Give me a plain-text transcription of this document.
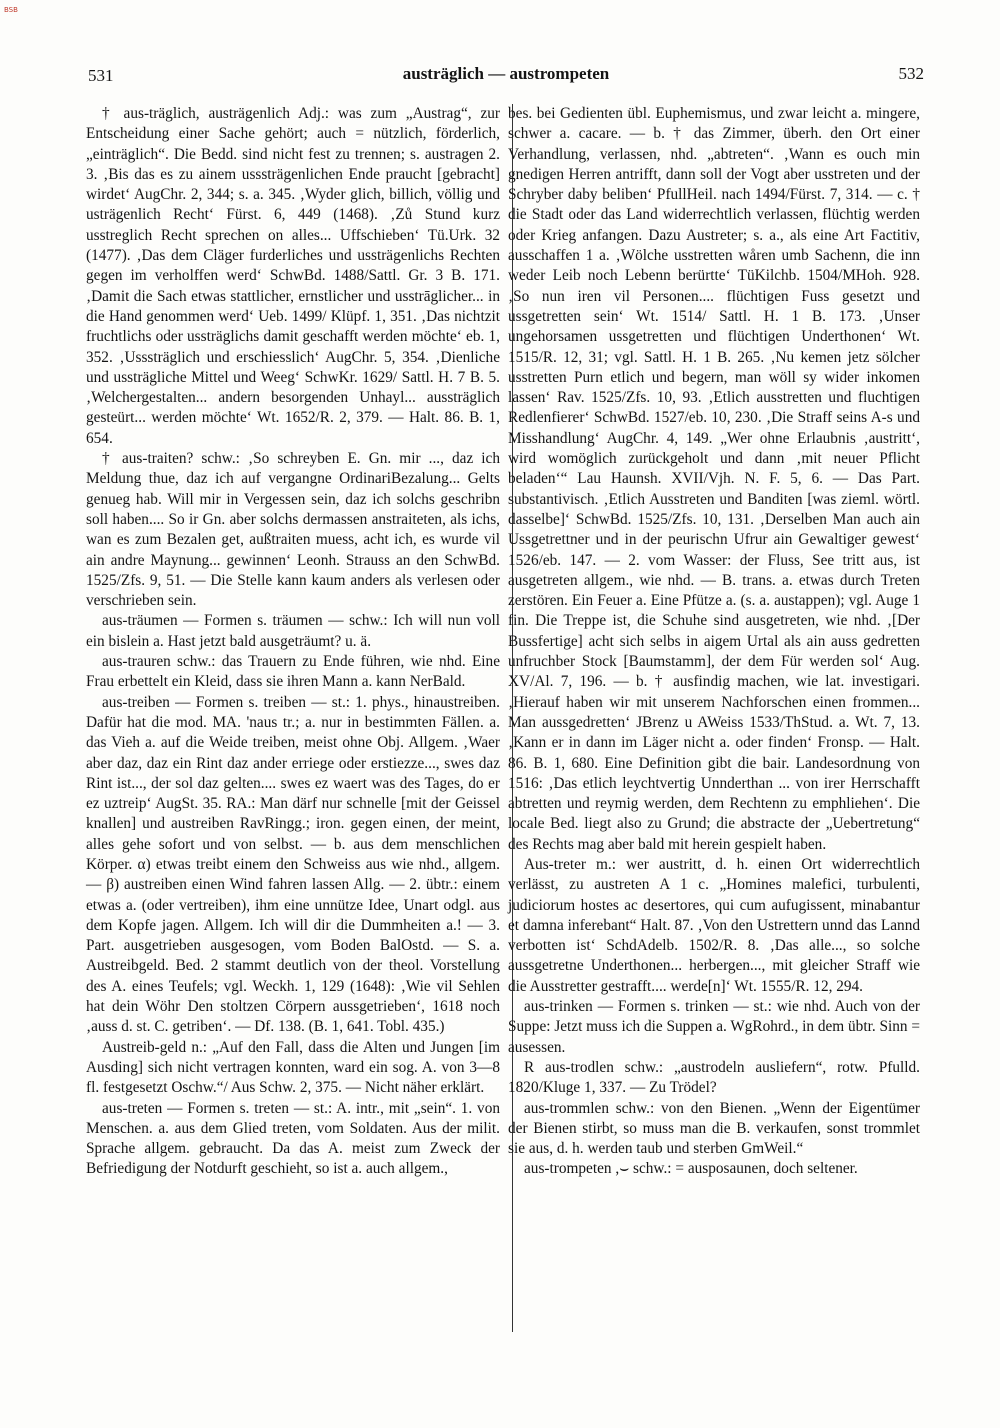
BSB
531	austräglich — austrompeten	532

† aus-träglich, austrägenlich Adj.: was zum „Austrag“, zur Entscheidung einer Sache gehört; auch = nützlich, förderlich, „einträglich“. Die Bedd. sind nicht fest zu trennen; s. austragen 2. 3. ‚Bis das es zu ainem usssträgenlichen Ende praucht [gebracht] wirdet‘ AugChr. 2, 344; s. a. 345. ‚Wyder glich, billich, völlig und usträgenlich Recht‘ Fürst. 6, 449 (1468). ‚Zů Stund kurz usstreglich Recht sprechen on alles... Uffschieben‘ Tü.Urk. 32 (1477). ‚Das dem Cläger furderliches und ussträgenlichs Rechten gegen im verholffen werd‘ SchwBd. 1488/Sattl. Gr. 3 B. 171. ‚Damit die Sach etwas stattlicher, ernstlicher und usstrāglicher... in die Hand genommen werd‘ Ueb. 1499/ Klüpf. 1, 351. ‚Das nichtzit fruchtlichs oder ussträglichs damit geschafft werden möchte‘ eb. 1, 352. ‚Usssträglich und erschiesslich‘ AugChr. 5, 354. ‚Dienliche und ussträgliche Mittel und Weeg‘ SchwKr. 1629/ Sattl. H. 7 B. 5. ‚Welchergestalten... andern besorgenden Unhayl... aussträglich gesteürt... werden möchte‘ Wt. 1652/R. 2, 379. — Halt. 86. B. 1, 654.

† aus-traiten? schw.: ‚So schreyben E. Gn. mir ..., daz ich Meldung thue, daz ich auf vergangne OrdinariBezalung... Gelts genueg hab. Will mir in Vergessen sein, daz ich solchs geschribn soll haben.... So ir Gn. aber solchs dermassen anstraiteten, als ichs, wan es zum Bezalen get, außtraiten muess, acht ich, es wurde vil ain andre Maynung... gewinnen‘ Leonh. Strauss an den SchwBd. 1525/Zfs. 9, 51. — Die Stelle kann kaum anders als verlesen oder verschrieben sein.

aus-träumen — Formen s. träumen — schw.: Ich will nun voll ein bislein a. Hast jetzt bald ausgeträumt? u. ä.

aus-trauren schw.: das Trauern zu Ende führen, wie nhd. Eine Frau erbettelt ein Kleid, dass sie ihren Mann a. kann NerBald.

aus-treiben — Formen s. treiben — st.: 1. phys., hinaustreiben. Dafür hat die mod. MA. 'naus tr.; a. nur in bestimmten Fällen. a. das Vieh a. auf die Weide treiben, meist ohne Obj. Allgem. ‚Waer aber daz, daz ein Rint daz ander erriege oder erstiezze..., swes daz Rint ist..., der sol daz gelten.... swes ez waert was des Tages, do er ez uztreip‘ AugSt. 35. RA.: Man därf nur schnelle [mit der Geissel knallen] und austreiben RavRingg.; iron. gegen einen, der meint, alles gehe sofort und von selbst. — b. aus dem menschlichen Körper. α) etwas treibt einem den Schweiss aus wie nhd., allgem. — β) austreiben einen Wind fahren lassen Allg. — 2. übtr.: einem etwas a. (oder vertreiben), ihm eine unnütze Idee, Unart odgl. aus dem Kopfe jagen. Allgem. Ich will dir die Dummheiten a.! — 3. Part. ausgetrieben ausgesogen, vom Boden BalOstd. — S. a. Austreibgeld. Bed. 2 stammt deutlich von der theol. Vorstellung des A. eines Teufels; vgl. Weckh. 1, 129 (1648): ‚Wie vil Sehlen hat dein Wöhr Den stoltzen Cörpern aussgetrieben‘, 1618 noch ‚auss d. st. C. getriben‘. — Df. 138. (B. 1, 641. Tobl. 435.)

Austreib-geld n.: „Auf den Fall, dass die Alten und Jungen [im Ausding] sich nicht vertragen konnten, ward ein sog. A. von 3—8 fl. festgesetzt Oschw.“/ Aus Schw. 2, 375. — Nicht näher erklärt.

aus-treten — Formen s. treten — st.: A. intr., mit „sein“. 1. von Menschen. a. aus dem Glied treten, vom Soldaten. Aus der milit. Sprache allgem. gebraucht. Da das A. meist zum Zweck der Befriedigung der Notdurft geschieht, so ist a. auch allgem.,

bes. bei Gedienten übl. Euphemismus, und zwar leicht a. mingere, schwer a. cacare. — b. † das Zimmer, überh. den Ort einer Verhandlung, verlassen, nhd. „abtreten“. ‚Wann es ouch min gnedigen Herren antrifft, dann soll der Vogt aber usstreten und der Schryber daby beliben‘ PfullHeil. nach 1494/Fürst. 7, 314. — c. † die Stadt oder das Land widerrechtlich verlassen, flüchtig werden oder Krieg anfangen. Dazu Austreter; s. a., als eine Art Factitiv, ausschaffen 1 a. ‚Wölche usstretten wåren umb Sachenn, die inn weder Leib noch Lebenn berürtte‘ TüKilchb. 1504/MHoh. 928. ‚So nun iren vil Personen.... flüchtigen Fuss gesetzt und ussgetretten sein‘ Wt. 1514/ Sattl. H. 1 B. 173. ‚Unser ungehorsamen ussgetretten und flüchtigen Underthonen‘ Wt. 1515/R. 12, 31; vgl. Sattl. H. 1 B. 265. ‚Nu kemen jetz sölcher usstretten Purn etlich und begern, man wöll sy wider inkomen lassen‘ Rav. 1525/Zfs. 10, 93. ‚Etlich ausstretten und fluchtigen Redlenfierer‘ SchwBd. 1527/eb. 10, 230. ‚Die Straff seins A-s und Misshandlung‘ AugChr. 4, 149. „Wer ohne Erlaubnis ‚austritt‘, wird womöglich zurückgeholt und dann ‚mit neuer Pflicht beladen‘“ Lau Haunsh. XVII/Vjh. N. F. 5, 6. — Das Part. substantivisch. ‚Etlich Ausstreten und Banditen [was zieml. wörtl. dasselbe]‘ SchwBd. 1525/Zfs. 10, 131. ‚Derselben Man auch ain Ussgetrettner und in der peurischn Ufrur ain Gewaltiger gewest‘ 1526/eb. 147. — 2. vom Wasser: der Fluss, See tritt aus, ist ausgetreten allgem., wie nhd. — B. trans. a. etwas durch Treten zerstören. Ein Feuer a. Eine Pfütze a. (s. a. austappen); vgl. Auge 1 fin. Die Treppe ist, die Schuhe sind ausgetreten, wie nhd. ‚[Der Bussfertige] acht sich selbs in aigem Urtal als ain auss gedretten unfruchber Stock [Baumstamm], der dem Für werden sol‘ Aug. XV/Al. 7, 196. — b. † ausfindig machen, wie lat. investigari. ‚Hierauf haben wir mit unserem Nachforschen einen frommen... Man aussgedretten‘ JBrenz u AWeiss 1533/ThStud. a. Wt. 7, 13. ‚Kann er in dann im Läger nicht a. oder finden‘ Fronsp. — Halt. 86. B. 1, 680. Eine Definition gibt die bair. Landesordnung von 1516: ‚Das etlich leychtvertig Unnderthan ... von irer Herrschafft abtretten und reymig werden, dem Rechtenn zu emphliehen‘. Die locale Bed. liegt also zu Grund; die abstracte der „Uebertretung“ des Rechts mag aber bald mit herein gespielt haben.

Aus-treter m.: wer austritt, d. h. einen Ort widerrechtlich verlässt, zu austreten A 1 c. „Homines malefici, turbulenti, judiciorum hostes ac desertores, qui cum aufugissent, minabantur et damna inferebant“ Halt. 87. ‚Von den Ustrettern unnd das Lannd verbotten ist‘ SchdAdelb. 1502/R. 8. ‚Das alle..., so solche aussgetretne Underthonen... herbergen..., mit gleicher Straff wie die Ausstretter gestrafft.... werde[n]‘ Wt. 1555/R. 12, 294.

aus-trinken — Formen s. trinken — st.: wie nhd. Auch von der Suppe: Jetzt muss ich die Suppen a. WgRohrd., in dem übtr. Sinn = ausessen.

R aus-trodlen schw.: „austrodeln ausliefern“, rotw. Pfulld. 1820/Kluge 1, 337. — Zu Trödel?

aus-trommlen schw.: von den Bienen. „Wenn der Eigentümer der Bienen stirbt, so muss man die B. verkaufen, sonst trommlet sie aus, d. h. werden taub und sterben GmWeil.“

aus-trompeten ,⌣ schw.: = ausposaunen, doch seltener.
